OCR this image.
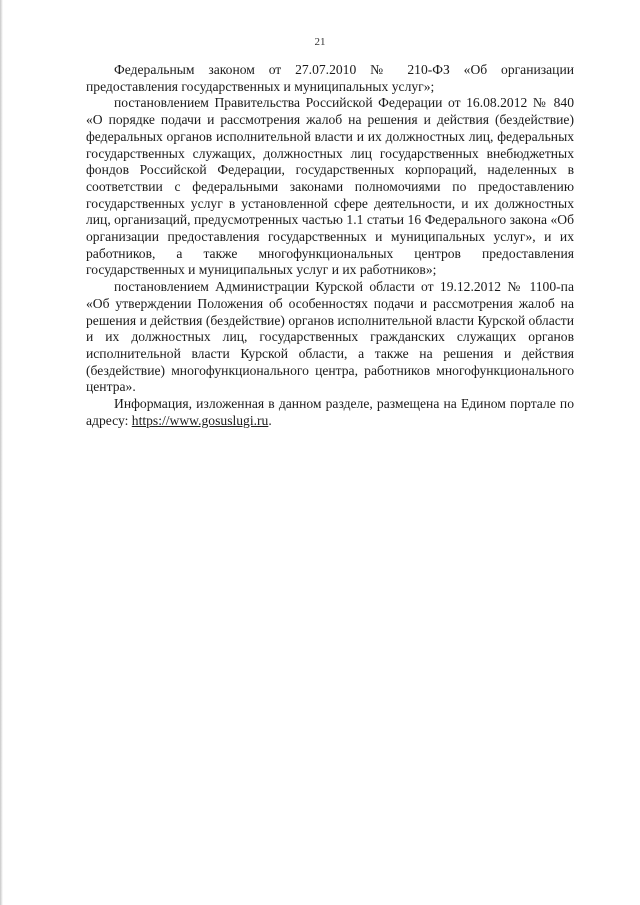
21

Федеральным законом от 27.07.2010 № 210-ФЗ «Об организации предоставления государственных и муниципальных услуг»;

постановлением Правительства Российской Федерации от 16.08.2012 № 840 «О порядке подачи и рассмотрения жалоб на решения и действия (бездействие) федеральных органов исполнительной власти и их должностных лиц, федеральных государственных служащих, должностных лиц государственных внебюджетных фондов Российской Федерации, государственных корпораций, наделенных в соответствии с федеральными законами полномочиями по предоставлению государственных услуг в установленной сфере деятельности, и их должностных лиц, организаций, предусмотренных частью 1.1 статьи 16 Федерального закона «Об организации предоставления государственных и муниципальных услуг», и их работников, а также многофункциональных центров предоставления государственных и муниципальных услуг и их работников»;

постановлением Администрации Курской области от 19.12.2012 № 1100-па «Об утверждении Положения об особенностях подачи и рассмотрения жалоб на решения и действия (бездействие) органов исполнительной власти Курской области и их должностных лиц, государственных гражданских служащих органов исполнительной власти Курской области, а также на решения и действия (бездействие) многофункционального центра, работников многофункционального центра».

Информация, изложенная в данном разделе, размещена на Едином порталe по адресу: https://www.gosuslugi.ru.
